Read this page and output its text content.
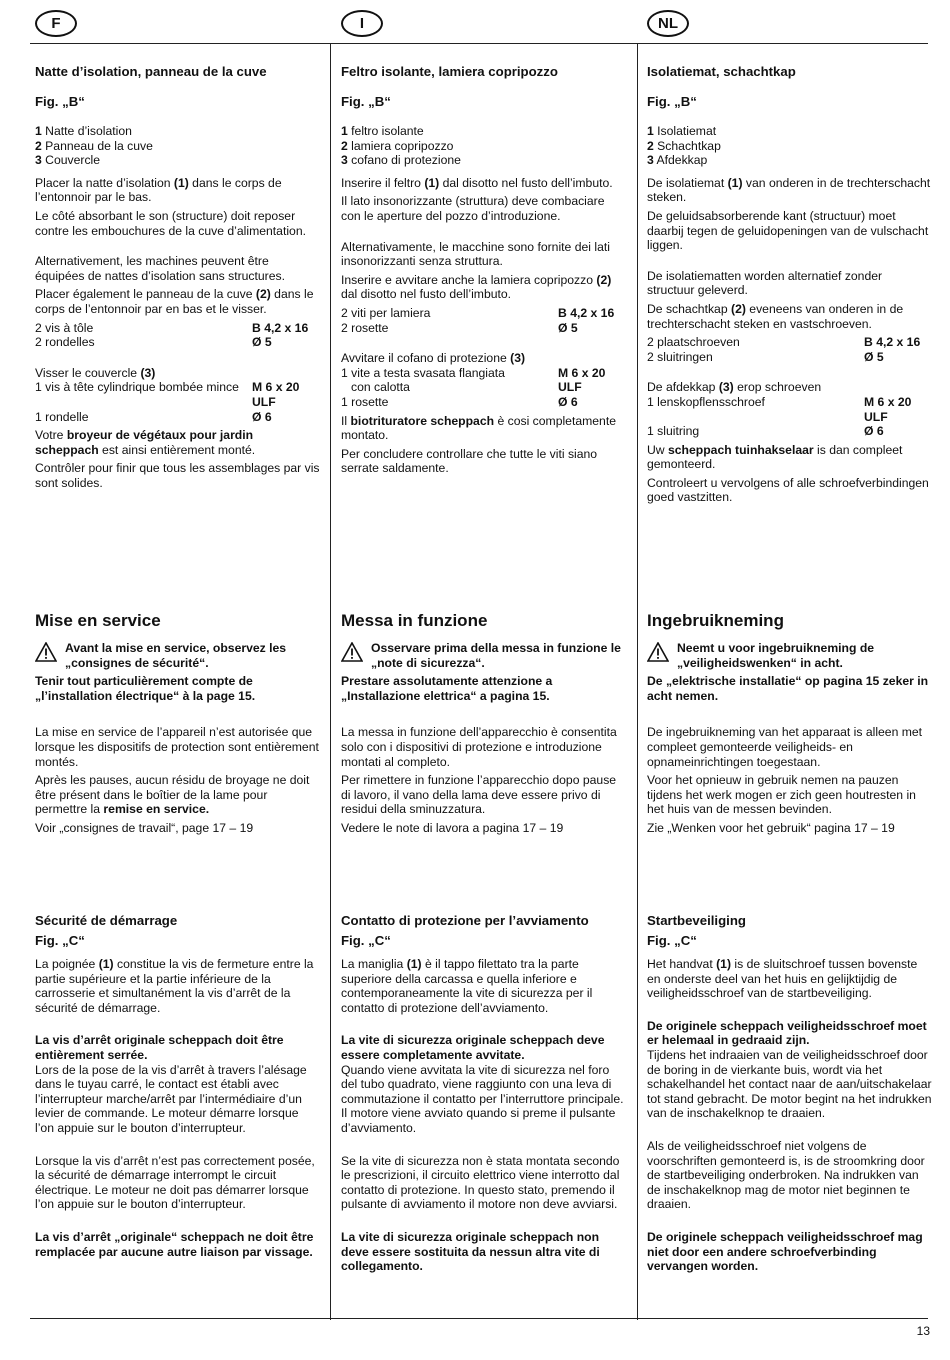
F
Natte d’isolation, panneau de la cuve
Fig. „B“
1 Natte d’isolation
2 Panneau de la cuve
3 Couvercle

Placer la natte d’isolation (1) dans le corps de l’entonnoir par le bas.

Le côté absorbant le son (structure) doit reposer contre les embouchures de la cuve d’alimentation.

Alternativement, les machines peuvent être équipées de nattes d’isolation sans structures.

Placer également le panneau de la cuve (2) dans le corps de l’entonnoir par en bas et le visser.

2 vis à tôle	B 4,2 x 16
2 rondelles	Ø 5
Visser le couvercle (3)
1 vis à tête cylindrique bombée mince	M 6 x 20
ULF
1 rondelle	Ø 6

Votre broyeur de végétaux pour jardin scheppach est ainsi entièrement monté.

Contrôler pour finir que tous les assemblages par vis sont solides.

Mise en service
Avant la mise en service, observez les „consignes de sécurité“.

Tenir tout particulièrement compte de „l’installation électrique“ à la page 15.

La mise en service de l’appareil n’est autorisée que lorsque les dispositifs de protection sont entièrement montés.

Après les pauses, aucun résidu de broyage ne doit être présent dans le boîtier de la lame pour permettre la remise en service.

Voir „consignes de travail“, page 17 – 19

Sécurité de démarrage
Fig. „C“

La poignée (1) constitue la vis de fermeture entre la partie supérieure et la partie inférieure de la carrosserie et simultanément la vis d’arrêt de la sécurité de démarrage.

La vis d’arrêt originale scheppach doit être entièrement serrée.

Lors de la pose de la vis d’arrêt à travers l’alésage dans le tuyau carré, le contact est établi avec l’interrupteur marche/arrêt par l’intermédiaire d’un levier de commande. Le moteur démarre lorsque l’on appuie sur le bouton d’interrupteur.

Lorsque la vis d’arrêt n’est pas correctement posée, la sécurité de démarrage interrompt le circuit électrique. Le moteur ne doit pas démarrer lorsque l’on appuie sur le bouton d’interrupteur.

La vis d’arrêt „originale“ scheppach ne doit être remplacée par aucune autre liaison par vissage.

I
Feltro isolante, lamiera copripozzo
Fig. „B“
1 feltro isolante
2 lamiera copripozzo
3 cofano di protezione

Inserire il feltro (1) dal disotto nel fusto dell’imbuto.

Il lato insonorizzante (struttura) deve combaciare con le aperture del pozzo d’introduzione.

Alternativamente, le macchine sono fornite dei lati insonorizzanti senza struttura.

Inserire e avvitare anche la lamiera copripozzo (2) dal disotto nel fusto dell’imbuto.

2 viti per lamiera	B 4,2 x 16
2 rosette	Ø 5
Avvitare il cofano di protezione (3)
1 vite a testa svasata flangiata	M 6 x 20
con calotta	ULF
1 rosette	Ø 6

Il biotrituratore scheppach è cosi completamente montato.

Per concludere controllare che tutte le viti siano serrate saldamente.

Messa in funzione
Osservare prima della messa in funzione le „note di sicurezza“.

Prestare assolutamente attenzione a „Installazione elettrica“ a pagina 15.

La messa in funzione dell’apparecchio è consentita solo con i dispositivi di protezione e introduzione montati al completo.

Per rimettere in funzione l’apparecchio dopo pause di lavoro, il vano della lama deve essere privo di residui della sminuzzatura.

Vedere le note di lavora a pagina 17 – 19

Contatto di protezione per l’avviamento
Fig. „C“

La maniglia (1) è il tappo filettato tra la parte superiore della carcassa e quella inferiore e contemporaneamente la vite di sicurezza per il contatto di protezione dell’avviamento.

La vite di sicurezza originale scheppach deve essere completamente avvitate.

Quando viene avvitata la vite di sicurezza nel foro del tubo quadrato, viene raggiunto con una leva di commutazione il contatto per l’interruttore principale. Il motore viene avviato quando si preme il pulsante d’avviamento.

Se la vite di sicurezza non è stata montata secondo le prescrizioni, il circuito elettrico viene interrotto dal contatto di protezione. In questo stato, premendo il pulsante di avviamento il motore non deve avviarsi.

La vite di sicurezza originale scheppach non deve essere sostituita da nessun altra vite di collegamento.

NL
Isolatiemat, schachtkap
Fig. „B“
1 Isolatiemat
2 Schachtkap
3 Afdekkap

De isolatiemat (1) van onderen in de trechterschacht steken.

De geluidsabsorberende kant (structuur) moet daarbij tegen de geluidopeningen van de vulschacht liggen.

De isolatiematten worden alternatief zonder structuur geleverd.

De schachtkap (2) eveneens van onderen in de trechterschacht steken en vastschroeven.

2 plaatschroeven	B 4,2 x 16
2 sluitringen	Ø 5
De afdekkap (3) erop schroeven
1 lenskopflensschroef	M 6 x 20
ULF
1 sluitring	Ø 6

Uw scheppach tuinhakselaar is dan compleet gemonteerd.

Controleert u vervolgens of alle schroefverbindingen goed vastzitten.

Ingebruikneming
Neemt u voor ingebruikneming de „veiligheidswenken“ in acht.

De „elektrische installatie“ op pagina 15 zeker in acht nemen.

De ingebruikneming van het apparaat is alleen met compleet gemonteerde veiligheids- en opnameinrichtingen toegestaan.

Voor het opnieuw in gebruik nemen na pauzen tijdens het werk mogen er zich geen houtresten in het huis van de messen bevinden.

Zie „Wenken voor het gebruik“ pagina 17 – 19

Startbeveiliging
Fig. „C“

Het handvat (1) is de sluitschroef tussen bovenste en onderste deel van het huis en gelijktijdig de veiligheidsschroef van de startbeveiliging.

De originele scheppach veiligheidsschroef moet er helemaal in gedraaid zijn.

Tijdens het indraaien van de veiligheidsschroef door de boring in de vierkante buis, wordt via het schakelhandel het contact naar de aan/uitschakelaar tot stand gebracht. De motor begint na het indrukken van de inschakelknop te draaien.

Als de veiligheidsschroef niet volgens de voorschriften gemonteerd is, is de stroomkring door de startbeveiliging onderbroken. Na indrukken van de inschakelknop mag de motor niet beginnen te draaien.

De originele scheppach veiligheidsschroef mag niet door een andere schroefverbinding vervangen worden.

13
